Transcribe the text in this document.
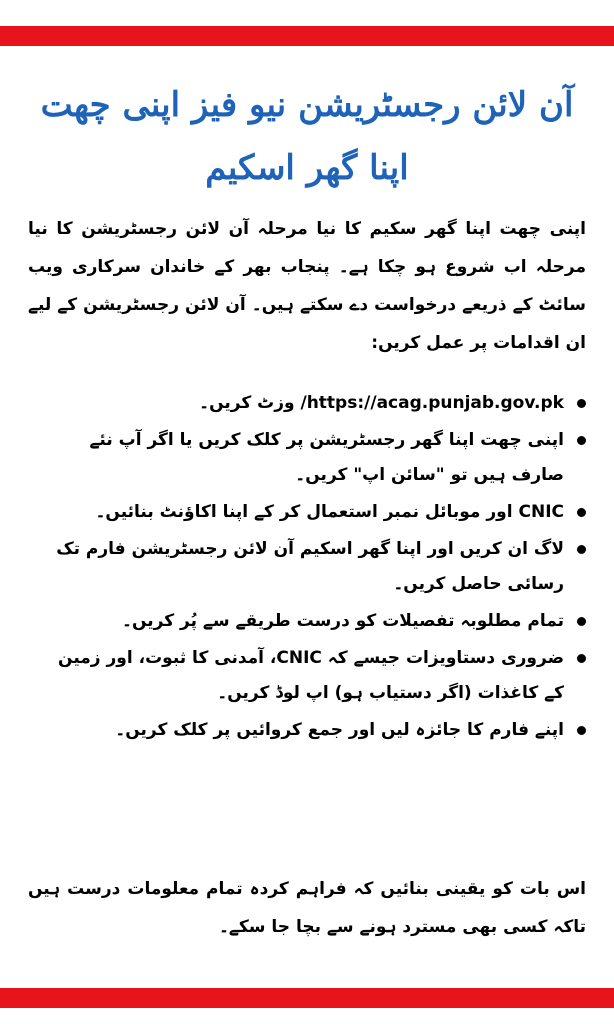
آن لائن رجسٹریشن نیو فیز اپنی چھت
اپنا گھر اسکیم
اپنی چھت اپنا گھر سکیم کا نیا مرحلہ آن لائن رجسٹریشن کا نیا مرحلہ اب شروع ہو چکا ہے۔ پنجاب بھر کے خاندان سرکاری ویب سائٹ کے ذریعے درخواست دے سکتے ہیں۔ آن لائن رجسٹریشن کے لیے ان اقدامات پر عمل کریں:
https://acag.punjab.gov.pk/ وزٹ کریں۔
اپنی چھت اپنا گھر رجسٹریشن پر کلک کریں یا اگر آپ نئے صارف ہیں تو "سائن اپ" کریں۔
CNIC اور موبائل نمبر استعمال کر کے اپنا اکاؤنٹ بنائیں۔
لاگ ان کریں اور اپنا گھر اسکیم آن لائن رجسٹریشن فارم تک رسائی حاصل کریں۔
تمام مطلوبہ تفصیلات کو درست طریقے سے پُر کریں۔
ضروری دستاویزات جیسے کہ CNIC، آمدنی کا ثبوت، اور زمین کے کاغذات (اگر دستیاب ہو) اپ لوڈ کریں۔
اپنے فارم کا جائزہ لیں اور جمع کروائیں پر کلک کریں۔
اس بات کو یقینی بنائیں کہ فراہم کردہ تمام معلومات درست ہیں تاکہ کسی بھی مسترد ہونے سے بچا جا سکے۔
